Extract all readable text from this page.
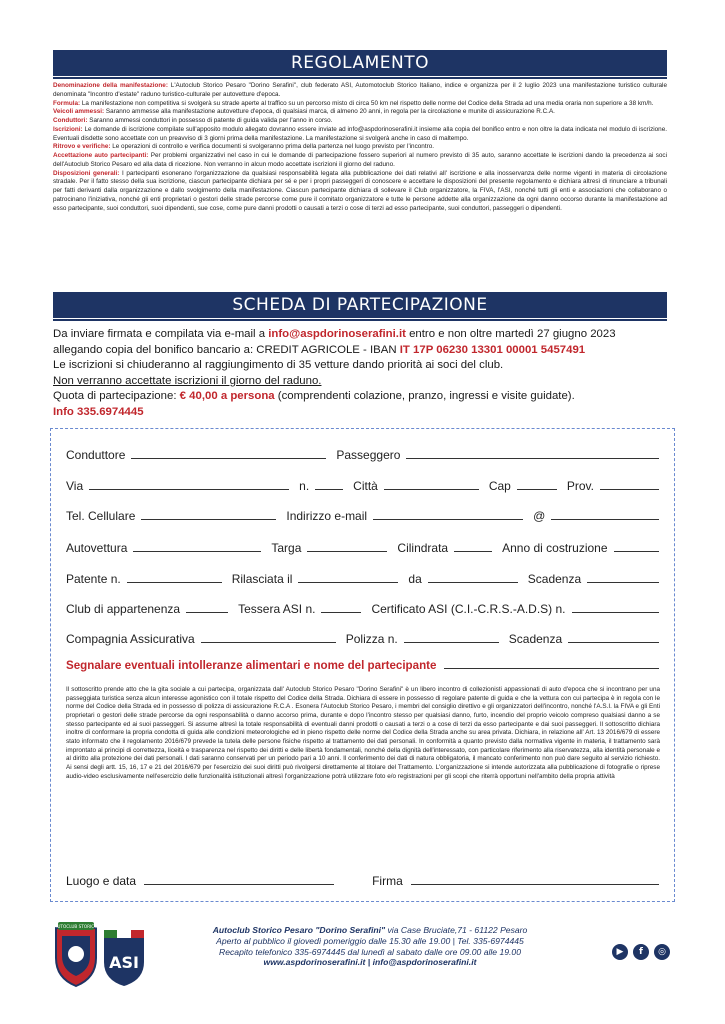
REGOLAMENTO

Denominazione della manifestazione: L'Autoclub Storico Pesaro "Dorino Serafini", club federato ASI, Automotoclub Storico Italiano, indice e organizza per il 2 luglio 2023 una manifestazione turistico culturale denominata "Incontro d'estate" raduno turistico-culturale per autovetture d'epoca.

Formula: La manifestazione non competitiva si svolgerà su strade aperte al traffico su un percorso misto di circa 50 km nel rispetto delle norme del Codice della Strada ad una media oraria non superiore a 38 km/h.

Veicoli ammessi: Saranno ammesse alla manifestazione autovetture d'epoca, di qualsiasi marca, di almeno 20 anni, in regola per la circolazione e munite di assicurazione R.C.A.

Conduttori: Saranno ammessi conduttori in possesso di patente di guida valida per l'anno in corso.

Iscrizioni: Le domande di iscrizione compilate sull'apposito modulo allegato dovranno essere inviate ad info@aspdorinoserafini.it insieme alla copia del bonifico entro e non oltre la data indicata nel modulo di iscrizione. Eventuali disdette sono accettate con un preavviso di 3 giorni prima della manifestazione. La manifestazione si svolgerà anche in caso di maltempo.

Ritrovo e verifiche: Le operazioni di controllo e verifica documenti si svolgeranno prima della partenza nel luogo previsto per l'incontro.

Accettazione auto partecipanti: Per problemi organizzativi nel caso in cui le domande di partecipazione fossero superiori al numero previsto di 35 auto, saranno accettate le iscrizioni dando la precedenza ai soci dell'Autoclub Storico Pesaro ed alla data di ricezione. Non verranno in alcun modo accettate iscrizioni il giorno del raduno.

Disposizioni generali: I partecipanti esonerano l'organizzazione da qualsiasi responsabilità legata alla pubblicazione dei dati relativi all' iscrizione e alla inosservanza delle norme vigenti in materia di circolazione stradale. Per il fatto stesso della sua iscrizione, ciascun partecipante dichiara per sé e per i propri passeggeri di conoscere e accettare le disposizioni del presente regolamento e dichiara altresì di rinunciare a tribunali per fatti derivanti dalla organizzazione e dallo svolgimento della manifestazione. Ciascun partecipante dichiara di sollevare il Club organizzatore, la FIVA, l'ASI, nonché tutti gli enti e associazioni che collaborano o patrocinano l'iniziativa, nonché gli enti proprietari o gestori delle strade percorse come pure il comitato organizzatore e tutte le persone addette alla organizzazione da ogni danno occorso durante la manifestazione ad esso partecipante, suoi conduttori, suoi dipendenti, sue cose, come pure danni prodotti o causati a terzi o cose di terzi ad esso partecipante, suoi conduttori, passeggeri o dipendenti.

SCHEDA DI PARTECIPAZIONE
Da inviare firmata e compilata via e-mail a info@aspdorinoserafini.it entro e non oltre martedì 27 giugno 2023
allegando copia del bonifico bancario a: CREDIT AGRICOLE - IBAN IT 17P 06230 13301 00001 5457491
Le iscrizioni si chiuderanno al raggiungimento di 35 vetture dando priorità ai soci del club.
Non verranno accettate iscrizioni il giorno del raduno.
Quota di partecipazione: € 40,00 a persona (comprendenti colazione, pranzo, ingressi e visite guidate).
Info 335.6974445
Conduttore	Passeggero
Via	n.	Città	Cap	Prov.
Tel. Cellulare	Indirizzo e-mail	@
Autovettura	Targa	Cilindrata	Anno di costruzione
Patente n.	Rilasciata il	da	Scadenza
Club di appartenenza	Tessera ASI n.	Certificato ASI (C.I.-C.R.S.-A.D.S) n.
Compagnia Assicurativa	Polizza n.	Scadenza
Segnalare eventuali intolleranze alimentari e nome del partecipante
Il sottoscritto prende atto che la gita sociale a cui partecipa, organizzata dall' Autoclub Storico Pesaro "Dorino Serafini" è un libero incontro di collezionisti appassionati di auto d'epoca che si incontrano per una passeggiata turistica senza alcun interesse agonistico con il totale rispetto del Codice della Strada. Dichiara di essere in possesso di regolare patente di guida e che la vettura con cui partecipa è in regola con le norme del Codice della Strada ed in possesso di polizza di assicurazione R.C.A . Esonera l'Autoclub Storico Pesaro, i membri del consiglio direttivo e gli organizzatori dell'incontro, nonché l'A.S.I. la FIVA e gli Enti proprietari o gestori delle strade percorse da ogni responsabilità o danno accorso prima, durante e dopo l'incontro stesso per qualsiasi danno, furto, incendio del proprio veicolo compreso qualsiasi danno a se stesso partecipante ed ai suoi passeggeri. Si assume altresì la totale responsabilità di eventuali danni prodotti o causati a terzi o a cose di terzi da esso partecipante e dai suoi passeggeri. Il sottoscritto dichiara inoltre di conformare la propria condotta di guida alle condizioni meteorologiche ed in pieno rispetto delle norme del Codice della Strada anche su area privata. Dichiara, in relazione all' Art. 13 2016/679 di essere stato informato che il regolamento 2016/679 prevede la tutela delle persone fisiche rispetto al trattamento dei dati personali. In conformità a quanto previsto dalla normativa vigente in materia, il trattamento sarà improntato ai principi di correttezza, liceità e trasparenza nel rispetto dei diritti e delle libertà fondamentali, nonché della dignità dell'interessato, con particolare riferimento alla riservatezza, alla identità personale e al diritto alla protezione dei dati personali. I dati saranno conservati per un periodo pari a 10 anni. Il conferimento dei dati di natura obbligatoria, il mancato conferimento non può dare seguito al servizio richiesto. Ai sensi degli artt. 15, 16, 17 e 21 del 2016/679 per l'esercizio dei suoi diritti può rivolgersi direttamente al titolare del Trattamento. L'organizzazione si intende autorizzata alla pubblicazione di fotografie o riprese audio-video esclusivamente nell'esercizio delle funzionalità istituzionali altresì l'organizzazione potrà utilizzare foto e/o registrazioni per gli scopi che riterrà opportuni nell'ambito della propria attività
Luogo e data	Firma
AUTOCLUB STORICO
ASI
Autoclub Storico Pesaro "Dorino Serafini" via Case Bruciate,71 - 61122 Pesaro
Aperto al pubblico il giovedì pomeriggio dalle 15.30 alle 19.00 | Tel. 335-6974445
Recapito telefonico 335-6974445 dal lunedì al sabato dalle ore 09.00 alle 19.00
www.aspdorinoserafini.it | info@aspdorinoserafini.it
▶	f	◎
